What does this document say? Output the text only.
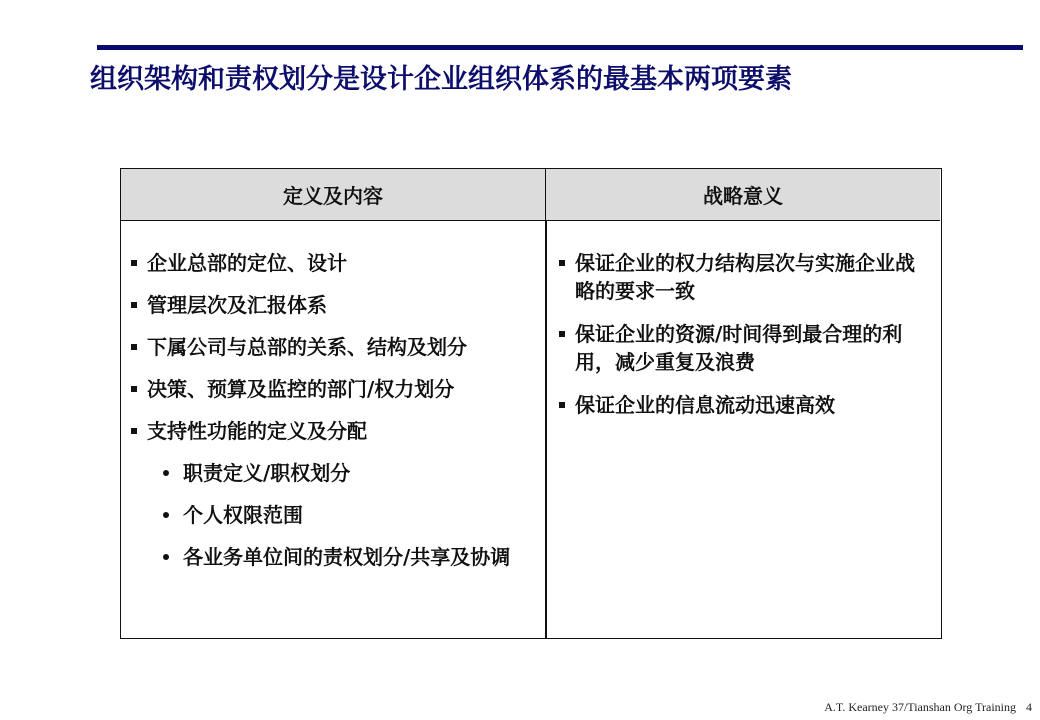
组织架构和责权划分是设计企业组织体系的最基本两项要素
定义及内容	战略意义
企业总部的定位、设计
管理层次及汇报体系
下属公司与总部的关系、结构及划分
决策、预算及监控的部门/权力划分
支持性功能的定义及分配
职责定义/职权划分
个人权限范围
各业务单位间的责权划分/共享及协调
保证企业的权力结构层次与实施企业战略的要求一致
保证企业的资源/时间得到最合理的利用，减少重复及浪费
保证企业的信息流动迅速高效
A.T. Kearney 37/Tianshan Org Training 4
